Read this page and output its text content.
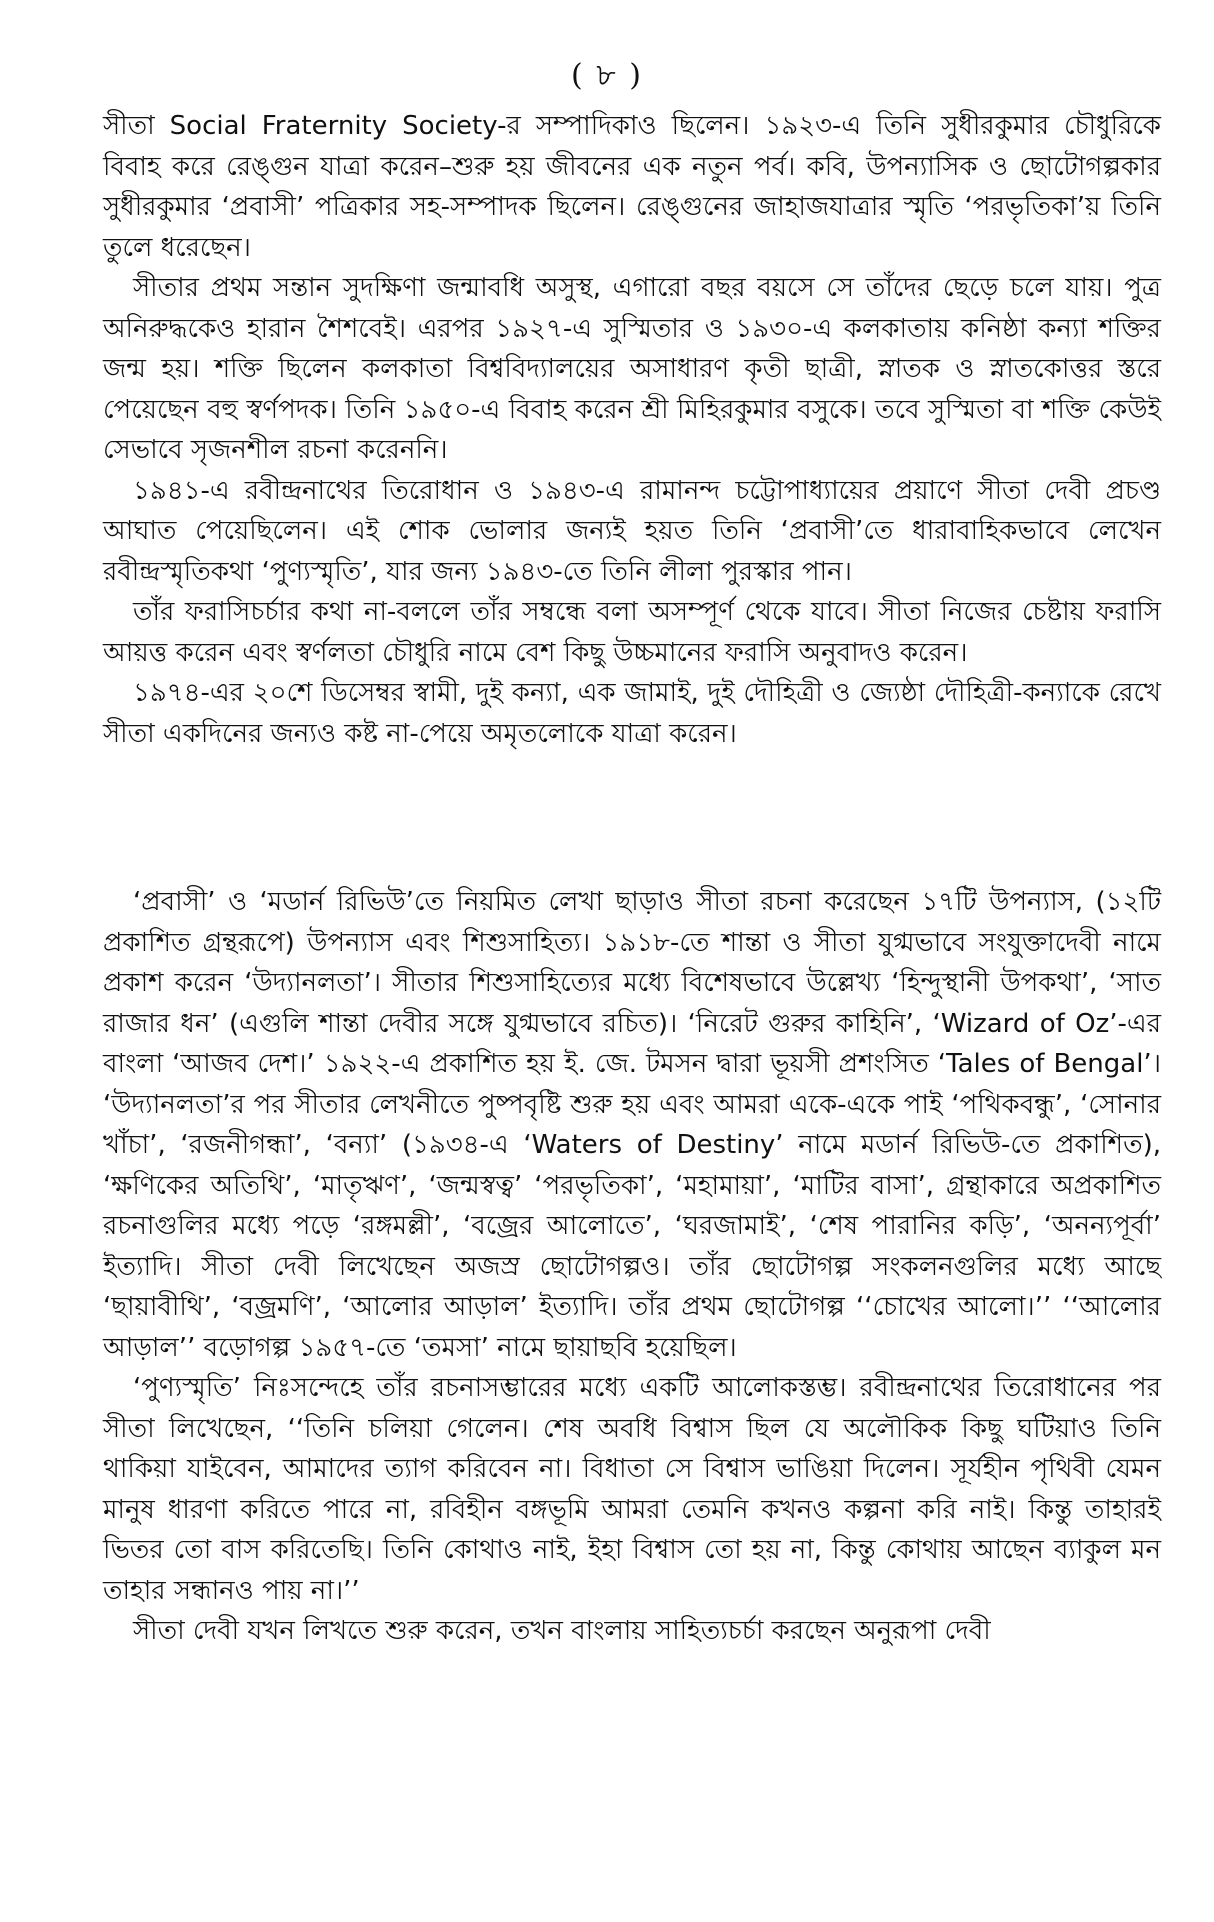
( ৮ )

সীতা Social Fraternity Society-র সম্পাদিকাও ছিলেন। ১৯২৩-এ তিনি সুধীরকুমার চৌধুরিকে বিবাহ করে রেঙ্গুন যাত্রা করেন–শুরু হয় জীবনের এক নতুন পর্ব। কবি, উপন্যাসিক ও ছোটোগল্পকার সুধীরকুমার ‘প্রবাসী’ পত্রিকার সহ-সম্পাদক ছিলেন। রেঙ্গুনের জাহাজযাত্রার স্মৃতি ‘পরভৃতিকা’য় তিনি তুলে ধরেছেন।

সীতার প্রথম সন্তান সুদক্ষিণা জন্মাবধি অসুস্থ, এগারো বছর বয়সে সে তাঁদের ছেড়ে চলে যায়। পুত্র অনিরুদ্ধকেও হারান শৈশবেই। এরপর ১৯২৭-এ সুস্মিতার ও ১৯৩০-এ কলকাতায় কনিষ্ঠা কন্যা শক্তির জন্ম হয়। শক্তি ছিলেন কলকাতা বিশ্ববিদ্যালয়ের অসাধারণ কৃতী ছাত্রী, স্নাতক ও স্নাতকোত্তর স্তরে পেয়েছেন বহু স্বর্ণপদক। তিনি ১৯৫০-এ বিবাহ করেন শ্রী মিহিরকুমার বসুকে। তবে সুস্মিতা বা শক্তি কেউই সেভাবে সৃজনশীল রচনা করেননি।

১৯৪১-এ রবীন্দ্রনাথের তিরোধান ও ১৯৪৩-এ রামানন্দ চট্টোপাধ্যায়ের প্রয়াণে সীতা দেবী প্রচণ্ড আঘাত পেয়েছিলেন। এই শোক ভোলার জন্যই হয়ত তিনি ‘প্রবাসী’তে ধারাবাহিকভাবে লেখেন রবীন্দ্রস্মৃতিকথা ‘পুণ্যস্মৃতি’, যার জন্য ১৯৪৩-তে তিনি লীলা পুরস্কার পান।

তাঁর ফরাসিচর্চার কথা না-বললে তাঁর সম্বন্ধে বলা অসম্পূর্ণ থেকে যাবে। সীতা নিজের চেষ্টায় ফরাসি আয়ত্ত করেন এবং স্বর্ণলতা চৌধুরি নামে বেশ কিছু উচ্চমানের ফরাসি অনুবাদও করেন।

১৯৭৪-এর ২০শে ডিসেম্বর স্বামী, দুই কন্যা, এক জামাই, দুই দৌহিত্রী ও জ্যেষ্ঠা দৌহিত্রী-কন্যাকে রেখে সীতা একদিনের জন্যও কষ্ট না-পেয়ে অমৃতলোকে যাত্রা করেন।

‘প্রবাসী’ ও ‘মডার্ন রিভিউ’তে নিয়মিত লেখা ছাড়াও সীতা রচনা করেছেন ১৭টি উপন্যাস, (১২টি প্রকাশিত গ্রন্থরূপে) উপন্যাস এবং শিশুসাহিত্য। ১৯১৮-তে শান্তা ও সীতা যুগ্মভাবে সংযুক্তাদেবী নামে প্রকাশ করেন ‘উদ্যানলতা’। সীতার শিশুসাহিত্যের মধ্যে বিশেষভাবে উল্লেখ্য ‘হিন্দুস্থানী উপকথা’, ‘সাত রাজার ধন’ (এগুলি শান্তা দেবীর সঙ্গে যুগ্মভাবে রচিত)। ‘নিরেট গুরুর কাহিনি’, ‘Wizard of Oz’-এর বাংলা ‘আজব দেশ।’ ১৯২২-এ প্রকাশিত হয় ই. জে. টমসন দ্বারা ভূয়সী প্রশংসিত ‘Tales of Bengal’। ‘উদ্যানলতা’র পর সীতার লেখনীতে পুষ্পবৃষ্টি শুরু হয় এবং আমরা একে-একে পাই ‘পথিকবন্ধু’, ‘সোনার খাঁচা’, ‘রজনীগন্ধা’, ‘বন্যা’ (১৯৩৪-এ ‘Waters of Destiny’ নামে মডার্ন রিভিউ-তে প্রকাশিত), ‘ক্ষণিকের অতিথি’, ‘মাতৃঋণ’, ‘জন্মস্বত্ব’ ‘পরভৃতিকা’, ‘মহামায়া’, ‘মাটির বাসা’, গ্রন্থাকারে অপ্রকাশিত রচনাগুলির মধ্যে পড়ে ‘রঙ্গমল্লী’, ‘বজ্রের আলোতে’, ‘ঘরজামাই’, ‘শেষ পারানির কড়ি’, ‘অনন্যপূর্বা’ ইত্যাদি। সীতা দেবী লিখেছেন অজস্র ছোটোগল্পও। তাঁর ছোটোগল্প সংকলনগুলির মধ্যে আছে ‘ছায়াবীথি’, ‘বজ্রমণি’, ‘আলোর আড়াল’ ইত্যাদি। তাঁর প্রথম ছোটোগল্প ‘‘চোখের আলো।’’ ‘‘আলোর আড়াল’’ বড়োগল্প ১৯৫৭-তে ‘তমসা’ নামে ছায়াছবি হয়েছিল।

‘পুণ্যস্মৃতি’ নিঃসন্দেহে তাঁর রচনাসম্ভারের মধ্যে একটি আলোকস্তম্ভ। রবীন্দ্রনাথের তিরোধানের পর সীতা লিখেছেন, ‘‘তিনি চলিয়া গেলেন। শেষ অবধি বিশ্বাস ছিল যে অলৌকিক কিছু ঘটিয়াও তিনি থাকিয়া যাইবেন, আমাদের ত্যাগ করিবেন না। বিধাতা সে বিশ্বাস ভাঙিয়া দিলেন। সূর্যহীন পৃথিবী যেমন মানুষ ধারণা করিতে পারে না, রবিহীন বঙ্গভূমি আমরা তেমনি কখনও কল্পনা করি নাই। কিন্তু তাহারই ভিতর তো বাস করিতেছি। তিনি কোথাও নাই, ইহা বিশ্বাস তো হয় না, কিন্তু কোথায় আছেন ব্যাকুল মন তাহার সন্ধানও পায় না।’’

সীতা দেবী যখন লিখতে শুরু করেন, তখন বাংলায় সাহিত্যচর্চা করছেন অনুরূপা দেবী
